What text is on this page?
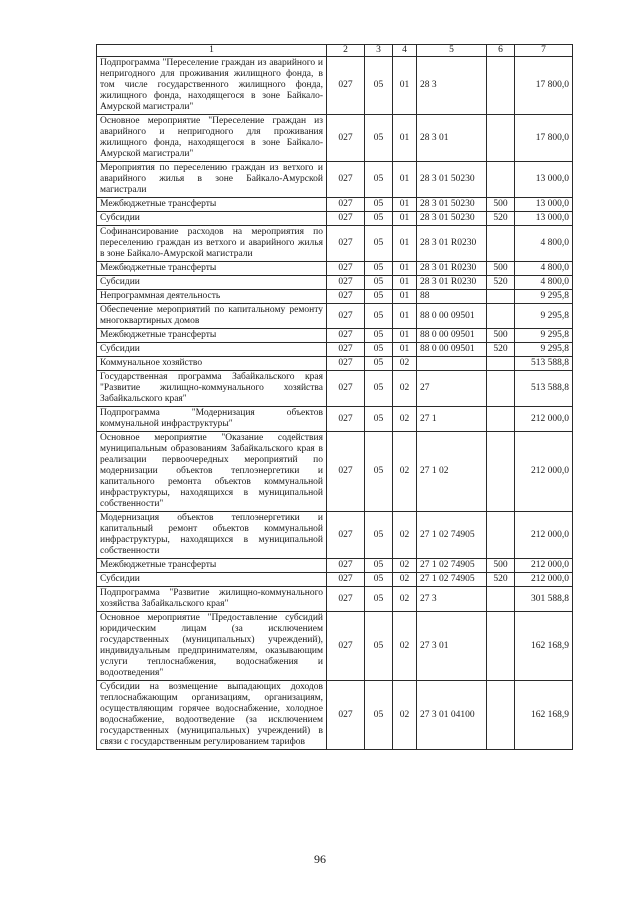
1	2	3	4	5	6	7
Подпрограмма "Переселение граждан из аварийного и непригодного для проживания жилищного фонда, в том числе государственного жилищного фонда, жилищного фонда, находящегося в зоне Байкало-Амурской магистрали"	027	05	01	28 3		17 800,0
Основное мероприятие "Переселение граждан из аварийного и непригодного для проживания жилищного фонда, находящегося в зоне Байкало-Амурской магистрали"	027	05	01	28 3 01		17 800,0
Мероприятия по переселению граждан из ветхого и аварийного жилья в зоне Байкало-Амурской магистрали	027	05	01	28 3 01 50230		13 000,0
Межбюджетные трансферты	027	05	01	28 3 01 50230	500	13 000,0
Субсидии	027	05	01	28 3 01 50230	520	13 000,0
Софинансирование расходов на мероприятия по переселению граждан из ветхого и аварийного жилья в зоне Байкало-Амурской магистрали	027	05	01	28 3 01 R0230		4 800,0
Межбюджетные трансферты	027	05	01	28 3 01 R0230	500	4 800,0
Субсидии	027	05	01	28 3 01 R0230	520	4 800,0
Непрограммная деятельность	027	05	01	88		9 295,8
Обеспечение мероприятий по капитальному ремонту многоквартирных домов	027	05	01	88 0 00 09501		9 295,8
Межбюджетные трансферты	027	05	01	88 0 00 09501	500	9 295,8
Субсидии	027	05	01	88 0 00 09501	520	9 295,8
Коммунальное хозяйство	027	05	02			513 588,8
Государственная программа Забайкальского края "Развитие жилищно-коммунального хозяйства Забайкальского края"	027	05	02	27		513 588,8
Подпрограмма "Модернизация объектов коммунальной инфраструктуры"	027	05	02	27 1		212 000,0
Основное мероприятие "Оказание содействия муниципальным образованиям Забайкальского края в реализации первоочередных мероприятий по модернизации объектов теплоэнергетики и капитального ремонта объектов коммунальной инфраструктуры, находящихся в муниципальной собственности"	027	05	02	27 1 02		212 000,0
Модернизация объектов теплоэнергетики и капитальный ремонт объектов коммунальной инфраструктуры, находящихся в муниципальной собственности	027	05	02	27 1 02 74905		212 000,0
Межбюджетные трансферты	027	05	02	27 1 02 74905	500	212 000,0
Субсидии	027	05	02	27 1 02 74905	520	212 000,0
Подпрограмма "Развитие жилищно-коммунального хозяйства Забайкальского края"	027	05	02	27 3		301 588,8
Основное мероприятие "Предоставление субсидий юридическим лицам (за исключением государственных (муниципальных) учреждений), индивидуальным предпринимателям, оказывающим услуги теплоснабжения, водоснабжения и водоотведения"	027	05	02	27 3 01		162 168,9
Субсидии на возмещение выпадающих доходов теплоснабжающим организациям, организациям, осуществляющим горячее водоснабжение, холодное водоснабжение, водоотведение (за исключением государственных (муниципальных) учреждений) в связи с государственным регулированием тарифов	027	05	02	27 3 01 04100		162 168,9
96
